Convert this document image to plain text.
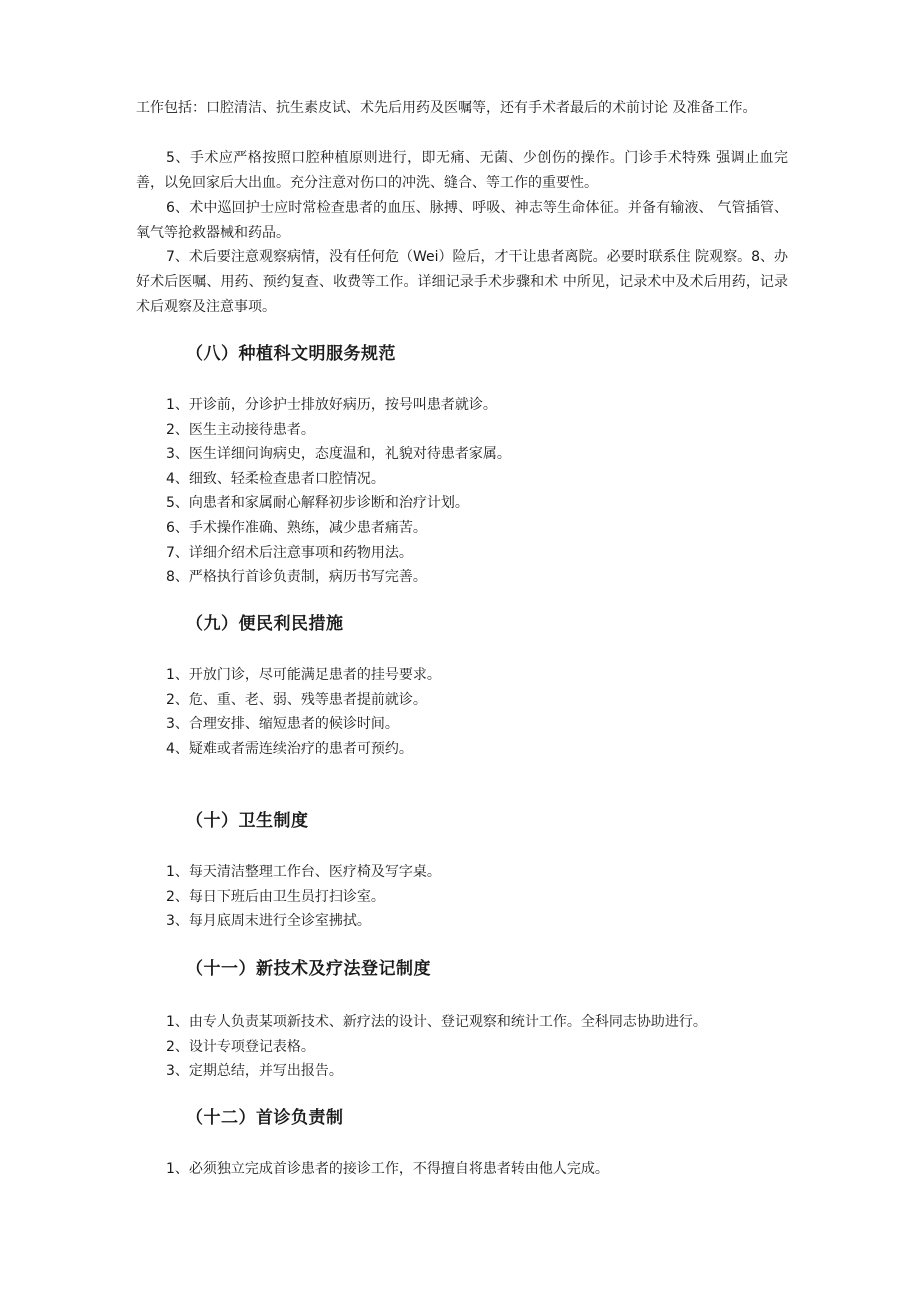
工作包括：口腔清洁、抗生素皮试、术先后用药及医嘱等，还有手术者最后的术前讨论 及准备工作。

5、手术应严格按照口腔种植原则进行，即无痛、无菌、少创伤的操作。门诊手术特殊 强调止血完善，以免回家后大出血。充分注意对伤口的冲洗、缝合、等工作的重要性。

6、术中巡回护士应时常检查患者的血压、脉搏、呼吸、神志等生命体征。并备有输液、 气管插管、氧气等抢救器械和药品。

7、术后要注意观察病情，没有任何危（Wei）险后，才干让患者离院。必要时联系住 院观察。8、办好术后医嘱、用药、预约复查、收费等工作。详细记录手术步骤和术 中所见，记录术中及术后用药，记录术后观察及注意事项。

（八）种植科文明服务规范
1、开诊前，分诊护士排放好病历，按号叫患者就诊。
2、医生主动接待患者。
3、医生详细问询病史，态度温和，礼貌对待患者家属。
4、细致、轻柔检查患者口腔情况。
5、向患者和家属耐心解释初步诊断和治疗计划。
6、手术操作准确、熟练，减少患者痛苦。
7、详细介绍术后注意事项和药物用法。
8、严格执行首诊负责制，病历书写完善。
（九）便民利民措施
1、开放门诊，尽可能满足患者的挂号要求。
2、危、重、老、弱、残等患者提前就诊。
3、合理安排、缩短患者的候诊时间。
4、疑难或者需连续治疗的患者可预约。
（十）卫生制度
1、每天清洁整理工作台、医疗椅及写字桌。
2、每日下班后由卫生员打扫诊室。
3、每月底周末进行全诊室拂拭。
（十一）新技术及疗法登记制度
1、由专人负责某项新技术、新疗法的设计、登记观察和统计工作。全科同志协助进行。
2、设计专项登记表格。
3、定期总结，并写出报告。
（十二）首诊负责制
1、必须独立完成首诊患者的接诊工作，不得擅自将患者转由他人完成。
